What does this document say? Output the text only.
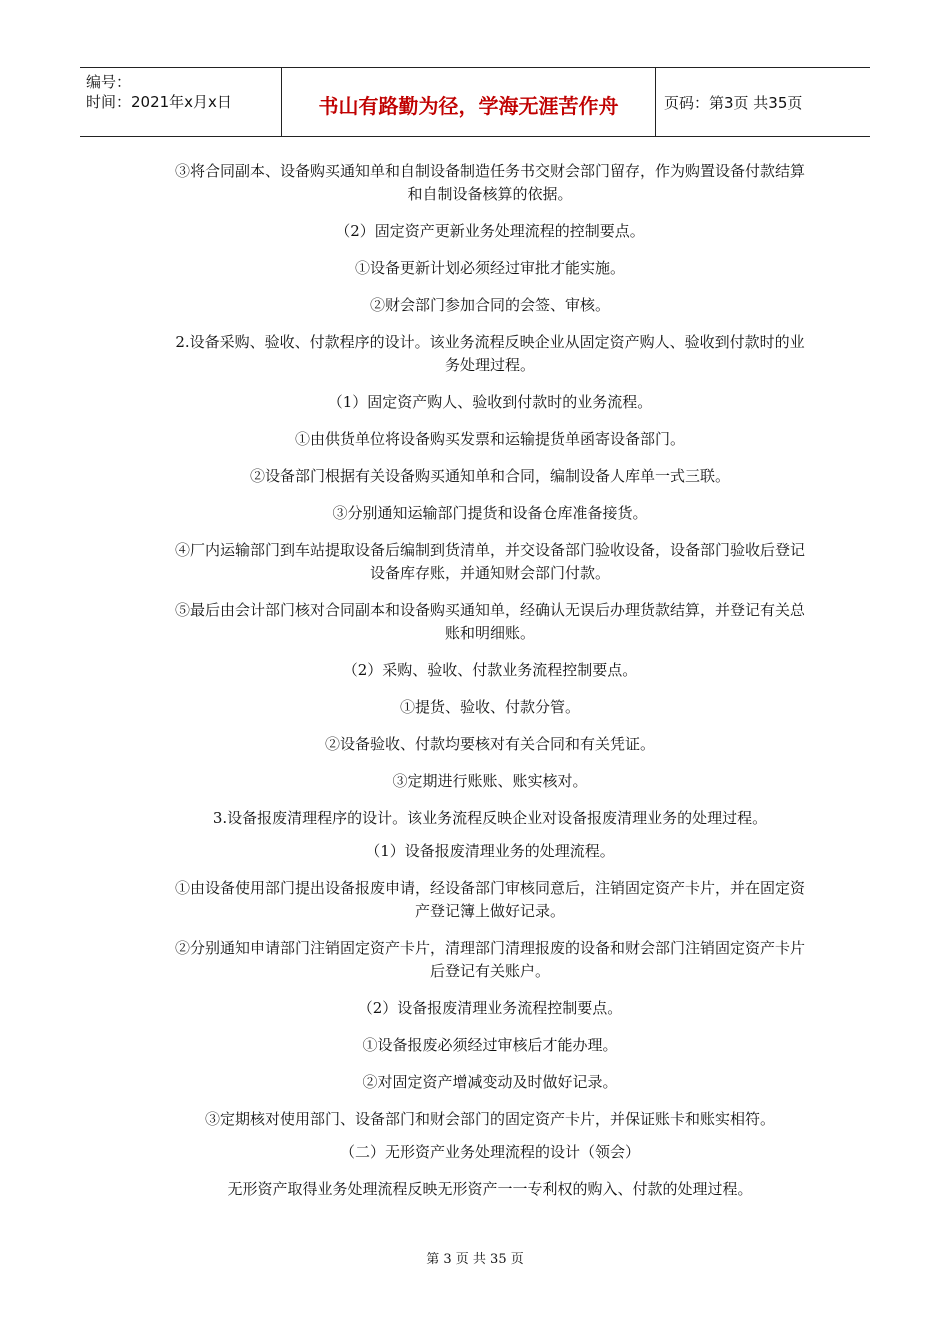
编号：
时间：2021年x月x日	书山有路勤为径，学海无涯苦作舟	页码：第3页 共35页

③将合同副本、设备购买通知单和自制设备制造任务书交财会部门留存，作为购置设备付款结算和自制设备核算的依据。

（2）固定资产更新业务处理流程的控制要点。

①设备更新计划必须经过审批才能实施。

②财会部门参加合同的会签、审核。

2.设备采购、验收、付款程序的设计。该业务流程反映企业从固定资产购人、验收到付款时的业务处理过程。

（1）固定资产购人、验收到付款时的业务流程。

①由供货单位将设备购买发票和运输提货单函寄设备部门。

②设备部门根据有关设备购买通知单和合同，编制设备人库单一式三联。

③分别通知运输部门提货和设备仓库准备接货。

④厂内运输部门到车站提取设备后编制到货清单，并交设备部门验收设备，设备部门验收后登记设备库存账，并通知财会部门付款。

⑤最后由会计部门核对合同副本和设备购买通知单，经确认无误后办理货款结算，并登记有关总账和明细账。

（2）采购、验收、付款业务流程控制要点。

①提货、验收、付款分管。

②设备验收、付款均要核对有关合同和有关凭证。

③定期进行账账、账实核对。

3.设备报废清理程序的设计。该业务流程反映企业对设备报废清理业务的处理过程。

（1）设备报废清理业务的处理流程。

①由设备使用部门提出设备报废申请，经设备部门审核同意后，注销固定资产卡片，并在固定资产登记簿上做好记录。

②分别通知申请部门注销固定资产卡片，清理部门清理报废的设备和财会部门注销固定资产卡片后登记有关账户。

（2）设备报废清理业务流程控制要点。

①设备报废必须经过审核后才能办理。

②对固定资产增减变动及时做好记录。

③定期核对使用部门、设备部门和财会部门的固定资产卡片，并保证账卡和账实相符。

（二）无形资产业务处理流程的设计（领会）

无形资产取得业务处理流程反映无形资产一一专利权的购入、付款的处理过程。

第 3 页 共 35 页
